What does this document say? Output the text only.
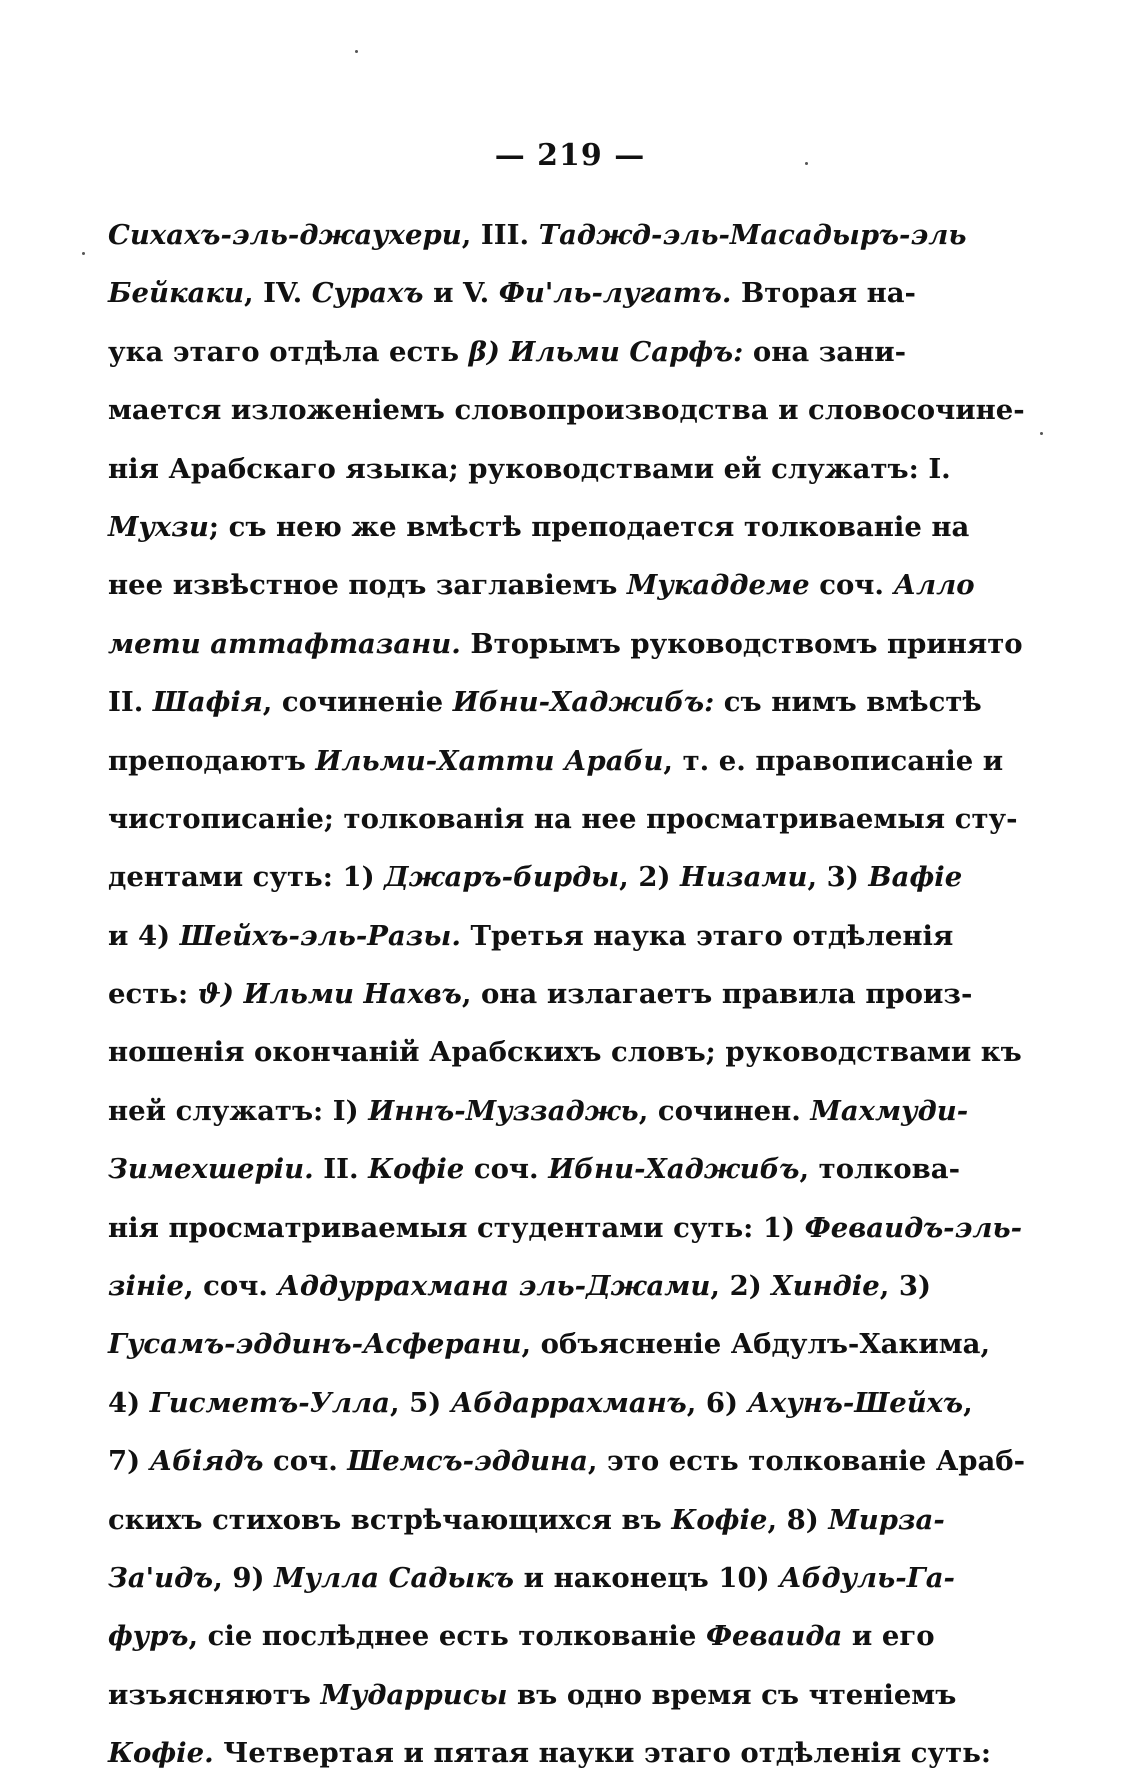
— 219 —
Сихахъ-эль-джаухери, III. Таджд-эль-Масадыръ-эль
Бейкаки, IV. Сурахъ и V. Фи'ль-лугатъ. Вторая на-
ука этаго отдѣла есть β) Ильми Сарфъ: она зани-
мается изложеніемъ словопроизводства и словосочине-
нія Арабскаго языка; руководствами ей служатъ: I.
Мухзи; съ нею же вмѣстѣ преподается толкованіе на
нее извѣстное подъ заглавіемъ Мукаддеме соч. Алло
мети аттафтазани. Вторымъ руководствомъ принято
II. Шафія, сочиненіе Ибни-Хаджибъ: съ нимъ вмѣстѣ
преподаютъ Ильми-Хатти Араби, т. е. правописаніе и
чистописаніе; толкованія на нее просматриваемыя сту-
дентами суть: 1) Джаръ-бирды, 2) Низами, 3) Вафіе
и 4) Шейхъ-эль-Разы. Третья наука этаго отдѣленія
есть: ϑ) Ильми Нахвъ, она излагаетъ правила произ-
ношенія окончаній Арабскихъ словъ; руководствами къ
ней служатъ: I) Иннъ-Муззаджь, сочинен. Махмуди-
Зимехшеріи. II. Кофіе соч. Ибни-Хаджибъ, толкова-
нія просматриваемыя студентами суть: 1) Феваидъ-эль-
зініе, соч. Аддуррахмана эль-Джами, 2) Хиндіе, 3)
Гусамъ-эддинъ-Асферани, объясненіе Абдулъ-Хакима,
4) Гисметъ-Улла, 5) Абдаррахманъ, 6) Ахунъ-Шейхъ,
7) Абіядъ соч. Шемсъ-эддина, это есть толкованіе Араб-
скихъ стиховъ встрѣчающихся въ Кофіе, 8) Мирза-
За'идъ, 9) Мулла Садыкъ и наконецъ 10) Абдуль-Га-
фуръ, сіе послѣднее есть толкованіе Феваида и его
изъясняютъ Мударрисы въ одно время съ чтеніемъ
Кофіе. Четвертая и пятая науки этаго отдѣленія суть:
